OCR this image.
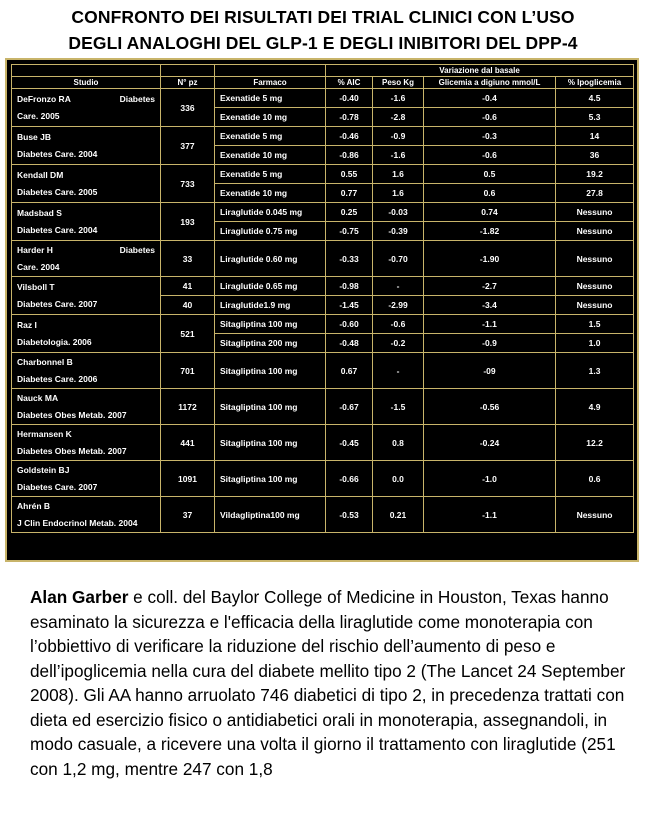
CONFRONTO DEI RISULTATI DEI TRIAL CLINICI CON L’USO
DEGLI ANALOGHI DEL GLP-1 E DEGLI INIBITORI DEL DPP-4
			Variazione dal basale			
Studio	N° pz	Farmaco	% AIC	Peso Kg	Glicemia a digiuno mmol/L	% Ipoglicemia

DeFronzo RA Diabetes
Care. 2005	336	Exenatide 5 mg	-0.40	-1.6	-0.4	4.5
		Exenatide 10 mg	-0.78	-2.8	-0.6	5.3

Buse JB
Diabetes Care. 2004	377	Exenatide 5 mg	-0.46	-0.9	-0.3	14
		Exenatide 10 mg	-0.86	-1.6	-0.6	36

Kendall DM
Diabetes Care. 2005	733	Exenatide 5 mg	0.55	1.6	0.5	19.2
		Exenatide 10 mg	0.77	1.6	0.6	27.8

Madsbad S
Diabetes Care. 2004	193	Liraglutide 0.045 mg	0.25	-0.03	0.74	Nessuno
		Liraglutide 0.75 mg	-0.75	-0.39	-1.82	Nessuno

Harder H Diabetes
Care. 2004	33	Liraglutide 0.60 mg	-0.33	-0.70	-1.90	Nessuno

Vilsboll T
Diabetes Care. 2007	41	Liraglutide 0.65 mg	-0.98	-	-2.7	Nessuno
	40	Liraglutide1.9 mg	-1.45	-2.99	-3.4	Nessuno

Raz I
Diabetologia. 2006	521	Sitagliptina 100 mg	-0.60	-0.6	-1.1	1.5
		Sitagliptina 200 mg	-0.48	-0.2	-0.9	1.0

Charbonnel B
Diabetes Care. 2006	701	Sitagliptina 100 mg	0.67	-	-09	1.3

Nauck MA
Diabetes Obes Metab. 2007	1172	Sitagliptina 100 mg	-0.67	-1.5	-0.56	4.9

Hermansen K
Diabetes Obes Metab. 2007	441	Sitagliptina 100 mg	-0.45	0.8	-0.24	12.2

Goldstein BJ
Diabetes Care. 2007	1091	Sitagliptina 100 mg	-0.66	0.0	-1.0	0.6

Ahrén B
J Clin Endocrinol Metab. 2004	37	Vildagliptina100 mg	-0.53	0.21	-1.1	Nessuno
Alan Garber e coll. del Baylor College of Medicine in Houston, Texas hanno esaminato la sicurezza e l'efficacia della liraglutide come monoterapia con l’obbiettivo di verificare la riduzione del rischio dell’aumento di peso e dell’ipoglicemia nella cura del diabete mellito tipo 2 (The Lancet 24 September 2008). Gli AA hanno arruolato 746 diabetici di tipo 2, in precedenza trattati con dieta ed esercizio fisico o antidiabetici orali in monoterapia, assegnandoli, in modo casuale, a ricevere una volta il giorno il trattamento con liraglutide (251 con 1,2 mg, mentre 247 con 1,8
